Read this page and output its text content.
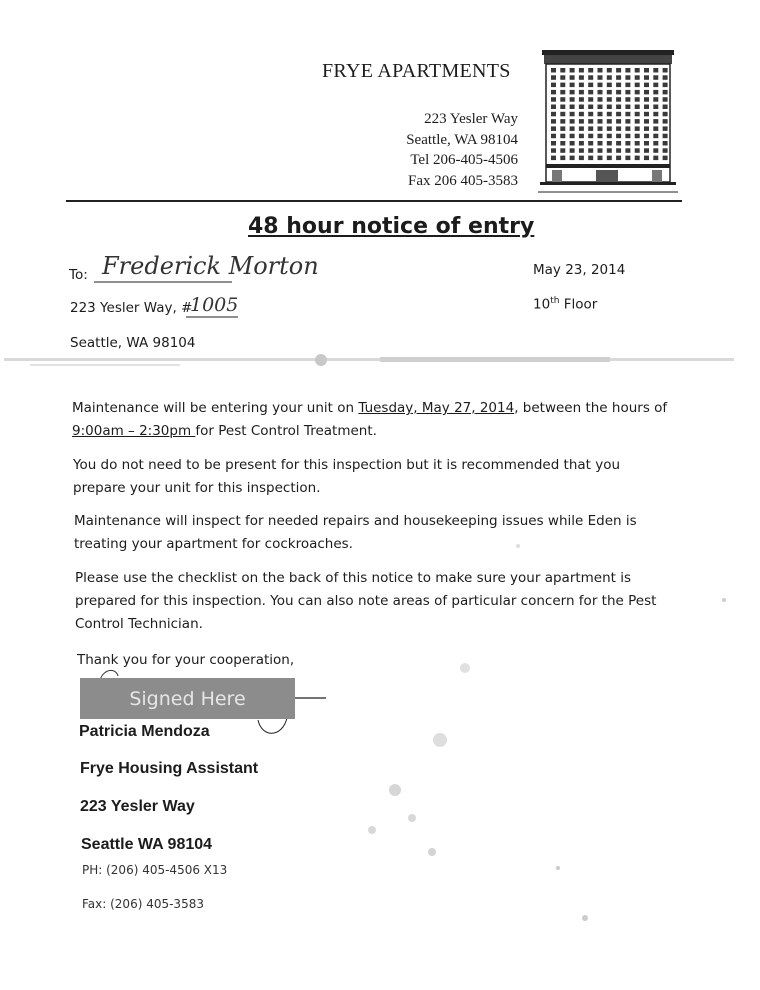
FRYE APARTMENTS
223 Yesler Way
Seattle, WA 98104
Tel 206-405-4506
Fax 206 405-3583
48 hour notice of entry
To: Frederick Morton
223 Yesler Way, #
1005
Seattle, WA 98104
May 23, 2014
10th Floor
Maintenance will be entering your unit on Tuesday, May 27, 2014, between the hours of
9:00am – 2:30pm for Pest Control Treatment.
You do not need to be present for this inspection but it is recommended that you prepare your unit for this inspection.
Maintenance will inspect for needed repairs and housekeeping issues while Eden is treating your apartment for cockroaches.
Please use the checklist on the back of this notice to make sure your apartment is prepared for this inspection. You can also note areas of particular concern for the Pest Control Technician.
Thank you for your cooperation,
Signed Here
Patricia Mendoza
Frye Housing Assistant
223 Yesler Way
Seattle WA 98104
PH: (206) 405-4506 X13
Fax: (206) 405-3583
